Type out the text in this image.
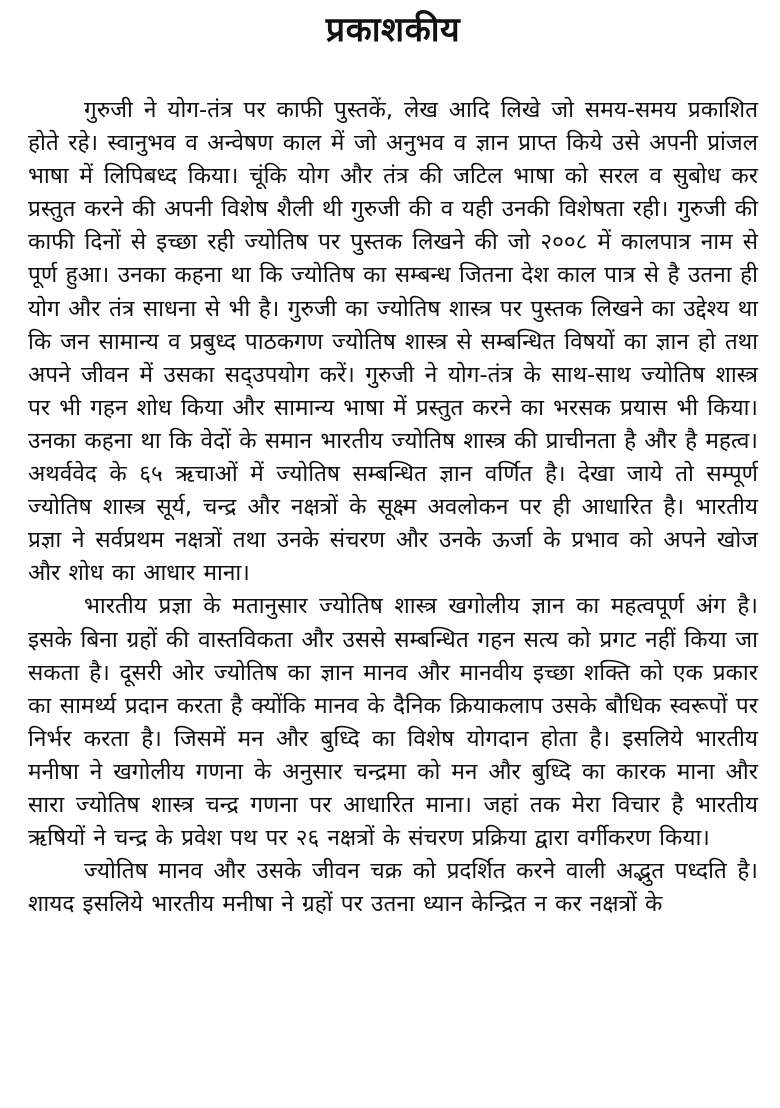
प्रकाशकीय

गुरुजी ने योग-तंत्र पर काफी पुस्तकें, लेख आदि लिखे जो समय-समय प्रकाशित होते रहे। स्वानुभव व अन्वेषण काल में जो अनुभव व ज्ञान प्राप्त किये उसे अपनी प्रांजल भाषा में लिपिबध्द किया। चूंकि योग और तंत्र की जटिल भाषा को सरल व सुबोध कर प्रस्तुत करने की अपनी विशेष शैली थी गुरुजी की व यही उनकी विशेषता रही। गुरुजी की काफी दिनों से इच्छा रही ज्योतिष पर पुस्तक लिखने की जो २००८ में कालपात्र नाम से पूर्ण हुआ। उनका कहना था कि ज्योतिष का सम्बन्ध जितना देश काल पात्र से है उतना ही योग और तंत्र साधना से भी है। गुरुजी का ज्योतिष शास्त्र पर पुस्तक लिखने का उद्देश्य था कि जन सामान्य व प्रबुध्द पाठकगण ज्योतिष शास्त्र से सम्बन्धित विषयों का ज्ञान हो तथा अपने जीवन में उसका सद्उपयोग करें। गुरुजी ने योग-तंत्र के साथ-साथ ज्योतिष शास्त्र पर भी गहन शोध किया और सामान्य भाषा में प्रस्तुत करने का भरसक प्रयास भी किया। उनका कहना था कि वेदों के समान भारतीय ज्योतिष शास्त्र की प्राचीनता है और है महत्व। अथर्ववेद के ६५ ऋचाओं में ज्योतिष सम्बन्धित ज्ञान वर्णित है। देखा जाये तो सम्पूर्ण ज्योतिष शास्त्र सूर्य, चन्द्र और नक्षत्रों के सूक्ष्म अवलोकन पर ही आधारित है। भारतीय प्रज्ञा ने सर्वप्रथम नक्षत्रों तथा उनके संचरण और उनके ऊर्जा के प्रभाव को अपने खोज और शोध का आधार माना।

भारतीय प्रज्ञा के मतानुसार ज्योतिष शास्त्र खगोलीय ज्ञान का महत्वपूर्ण अंग है। इसके बिना ग्रहों की वास्तविकता और उससे सम्बन्धित गहन सत्य को प्रगट नहीं किया जा सकता है। दूसरी ओर ज्योतिष का ज्ञान मानव और मानवीय इच्छा शक्ति को एक प्रकार का सामर्थ्य प्रदान करता है क्योंकि मानव के दैनिक क्रियाकलाप उसके बौधिक स्वरूपों पर निर्भर करता है। जिसमें मन और बुध्दि का विशेष योगदान होता है। इसलिये भारतीय मनीषा ने खगोलीय गणना के अनुसार चन्द्रमा को मन और बुध्दि का कारक माना और सारा ज्योतिष शास्त्र चन्द्र गणना पर आधारित माना। जहां तक मेरा विचार है भारतीय ऋषियों ने चन्द्र के प्रवेश पथ पर २६ नक्षत्रों के संचरण प्रक्रिया द्वारा वर्गीकरण किया।

ज्योतिष मानव और उसके जीवन चक्र को प्रदर्शित करने वाली अद्भुत पध्दति है। शायद इसलिये भारतीय मनीषा ने ग्रहों पर उतना ध्यान केन्द्रित न कर नक्षत्रों के
